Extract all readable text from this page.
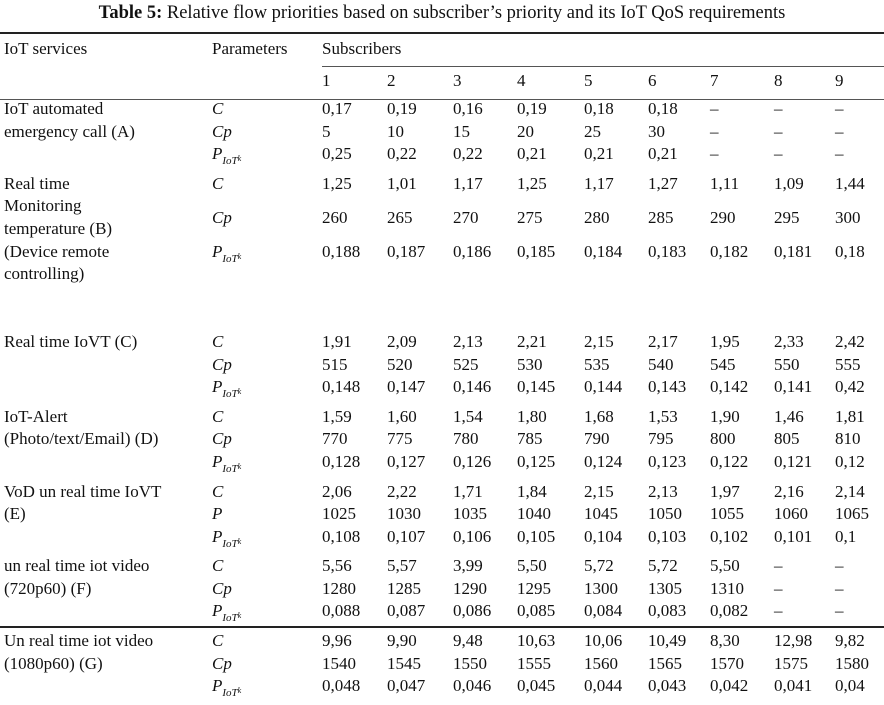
Table 5: Relative flow priorities based on subscriber’s priority and its IoT QoS requirements
IoT services	Parameters	Subscribers								
		1	2	3	4	5	6	7	8	9

IoT automated
emergency call (A)	C	0,17	0,19	0,16	0,19	0,18	0,18	–	–	–
	Cp	5	10	15	20	25	30	–	–	–
	$P_{IoT}k$	0,25	0,22	0,22	0,21	0,21	0,21	–	–	–

Real time
Monitoring
temperature (B)
(Device remote
controlling)	C	1,25	1,01	1,17	1,25	1,17	1,27	1,11	1,09	1,44
	Cp	260	265	270	275	280	285	290	295	300
	$P_{IoT}k$	0,188	0,187	0,186	0,185	0,184	0,183	0,182	0,181	0,18

Real time IoVT (C)	C	1,91	2,09	2,13	2,21	2,15	2,17	1,95	2,33	2,42
	Cp	515	520	525	530	535	540	545	550	555
	$P_{IoT}k$	0,148	0,147	0,146	0,145	0,144	0,143	0,142	0,141	0,42

IoT-Alert
(Photo/text/Email) (D)	C	1,59	1,60	1,54	1,80	1,68	1,53	1,90	1,46	1,81
	Cp	770	775	780	785	790	795	800	805	810
	$P_{IoT}k$	0,128	0,127	0,126	0,125	0,124	0,123	0,122	0,121	0,12

VoD un real time IoVT
(E)	C	2,06	2,22	1,71	1,84	2,15	2,13	1,97	2,16	2,14
	P	1025	1030	1035	1040	1045	1050	1055	1060	1065
	$P_{IoT}k$	0,108	0,107	0,106	0,105	0,104	0,103	0,102	0,101	0,1

un real time iot video
(720p60) (F)	C	5,56	5,57	3,99	5,50	5,72	5,72	5,50	–	–
	Cp	1280	1285	1290	1295	1300	1305	1310	–	–
	$P_{IoT}k$	0,088	0,087	0,086	0,085	0,084	0,083	0,082	–	–

Un real time iot video
(1080p60) (G)	C	9,96	9,90	9,48	10,63	10,06	10,49	8,30	12,98	9,82
	Cp	1540	1545	1550	1555	1560	1565	1570	1575	1580
	$P_{IoT}k$	0,048	0,047	0,046	0,045	0,044	0,043	0,042	0,041	0,04
